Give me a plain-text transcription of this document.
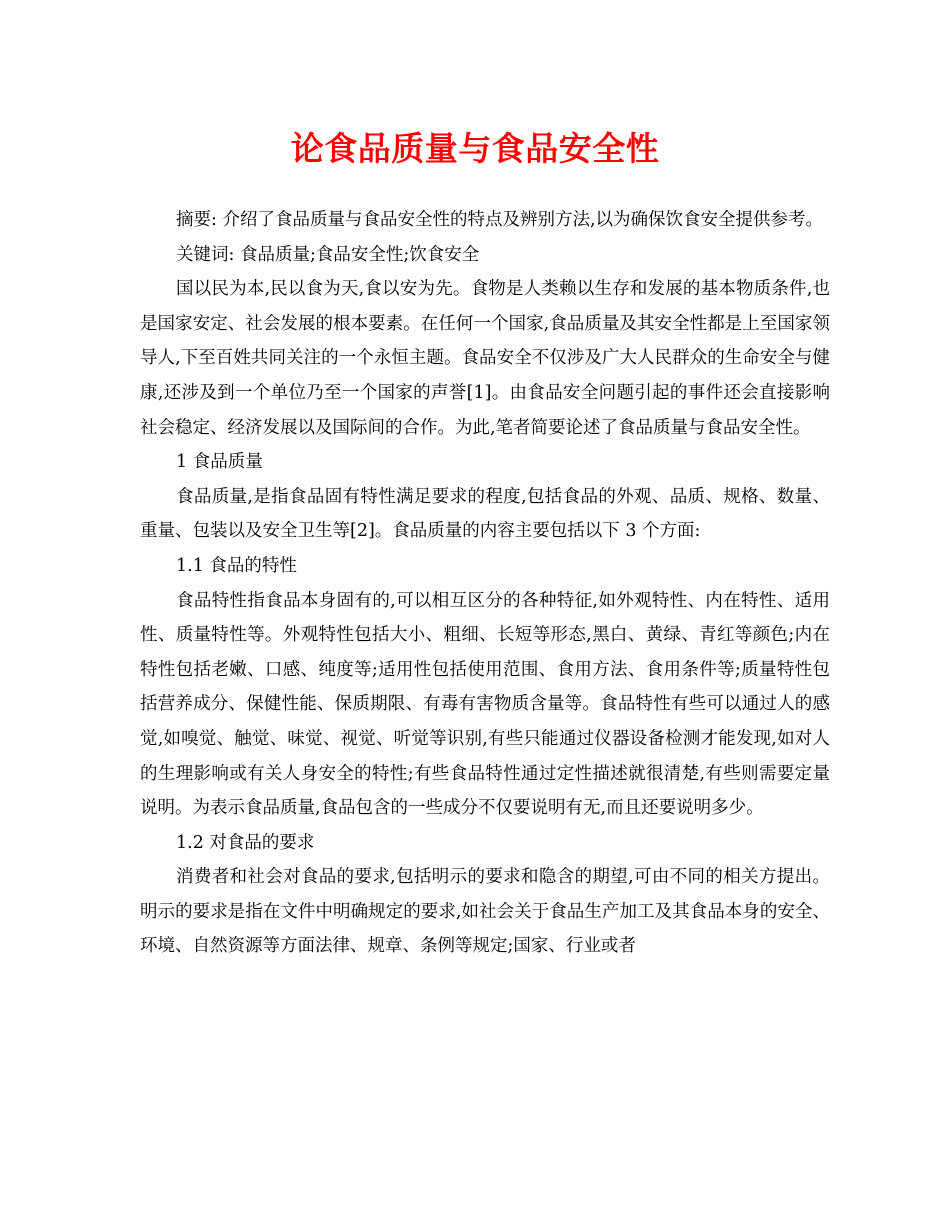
论食品质量与食品安全性

摘要: 介绍了食品质量与食品安全性的特点及辨别方法,以为确保饮食安全提供参考。

关键词: 食品质量;食品安全性;饮食安全

国以民为本,民以食为天,食以安为先。食物是人类赖以生存和发展的基本物质条件,也是国家安定、社会发展的根本要素。在任何一个国家,食品质量及其安全性都是上至国家领导人,下至百姓共同关注的一个永恒主题。食品安全不仅涉及广大人民群众的生命安全与健康,还涉及到一个单位乃至一个国家的声誉[1]。由食品安全问题引起的事件还会直接影响社会稳定、经济发展以及国际间的合作。为此,笔者简要论述了食品质量与食品安全性。

1 食品质量

食品质量,是指食品固有特性满足要求的程度,包括食品的外观、品质、规格、数量、重量、包装以及安全卫生等[2]。食品质量的内容主要包括以下 3 个方面:

1.1 食品的特性

食品特性指食品本身固有的,可以相互区分的各种特征,如外观特性、内在特性、适用性、质量特性等。外观特性包括大小、粗细、长短等形态,黑白、黄绿、青红等颜色;内在特性包括老嫩、口感、纯度等;适用性包括使用范围、食用方法、食用条件等;质量特性包括营养成分、保健性能、保质期限、有毒有害物质含量等。食品特性有些可以通过人的感觉,如嗅觉、触觉、味觉、视觉、听觉等识别,有些只能通过仪器设备检测才能发现,如对人的生理影响或有关人身安全的特性;有些食品特性通过定性描述就很清楚,有些则需要定量说明。为表示食品质量,食品包含的一些成分不仅要说明有无,而且还要说明多少。

1.2 对食品的要求

消费者和社会对食品的要求,包括明示的要求和隐含的期望,可由不同的相关方提出。明示的要求是指在文件中明确规定的要求,如社会关于食品生产加工及其食品本身的安全、环境、自然资源等方面法律、规章、条例等规定;国家、行业或者
